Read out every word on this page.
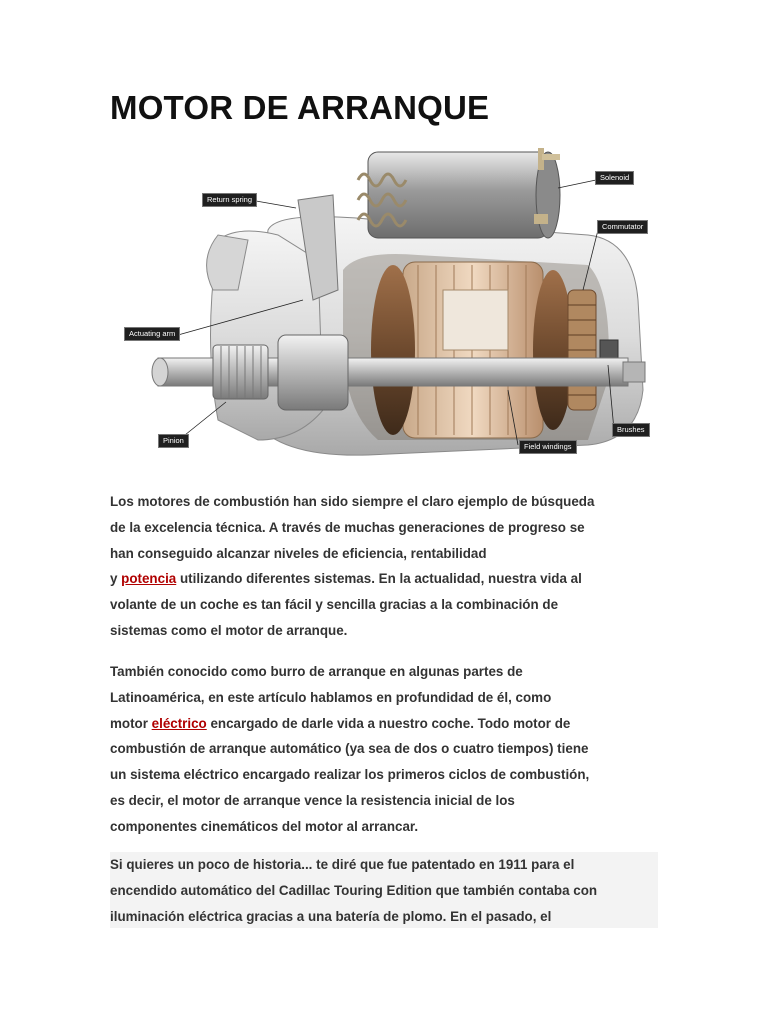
MOTOR DE ARRANQUE
Return spring
Solenoid
Commutator
Actuating arm
Pinion
Brushes
Field windings
Los motores de combustión han sido siempre el claro ejemplo de búsqueda
de la excelencia técnica. A través de muchas generaciones de progreso se
han conseguido alcanzar niveles de eficiencia, rentabilidad
y potencia utilizando diferentes sistemas. En la actualidad, nuestra vida al
volante de un coche es tan fácil y sencilla gracias a la combinación de
sistemas como el motor de arranque.
También conocido como burro de arranque en algunas partes de
Latinoamérica, en este artículo hablamos en profundidad de él, como
motor eléctrico encargado de darle vida a nuestro coche. Todo motor de
combustión de arranque automático (ya sea de dos o cuatro tiempos) tiene
un sistema eléctrico encargado realizar los primeros ciclos de combustión,
es decir, el motor de arranque vence la resistencia inicial de los
componentes cinemáticos del motor al arrancar.
Si quieres un poco de historia... te diré que fue patentado en 1911 para el
encendido automático del Cadillac Touring Edition que también contaba con
iluminación eléctrica gracias a una batería de plomo. En el pasado, el
